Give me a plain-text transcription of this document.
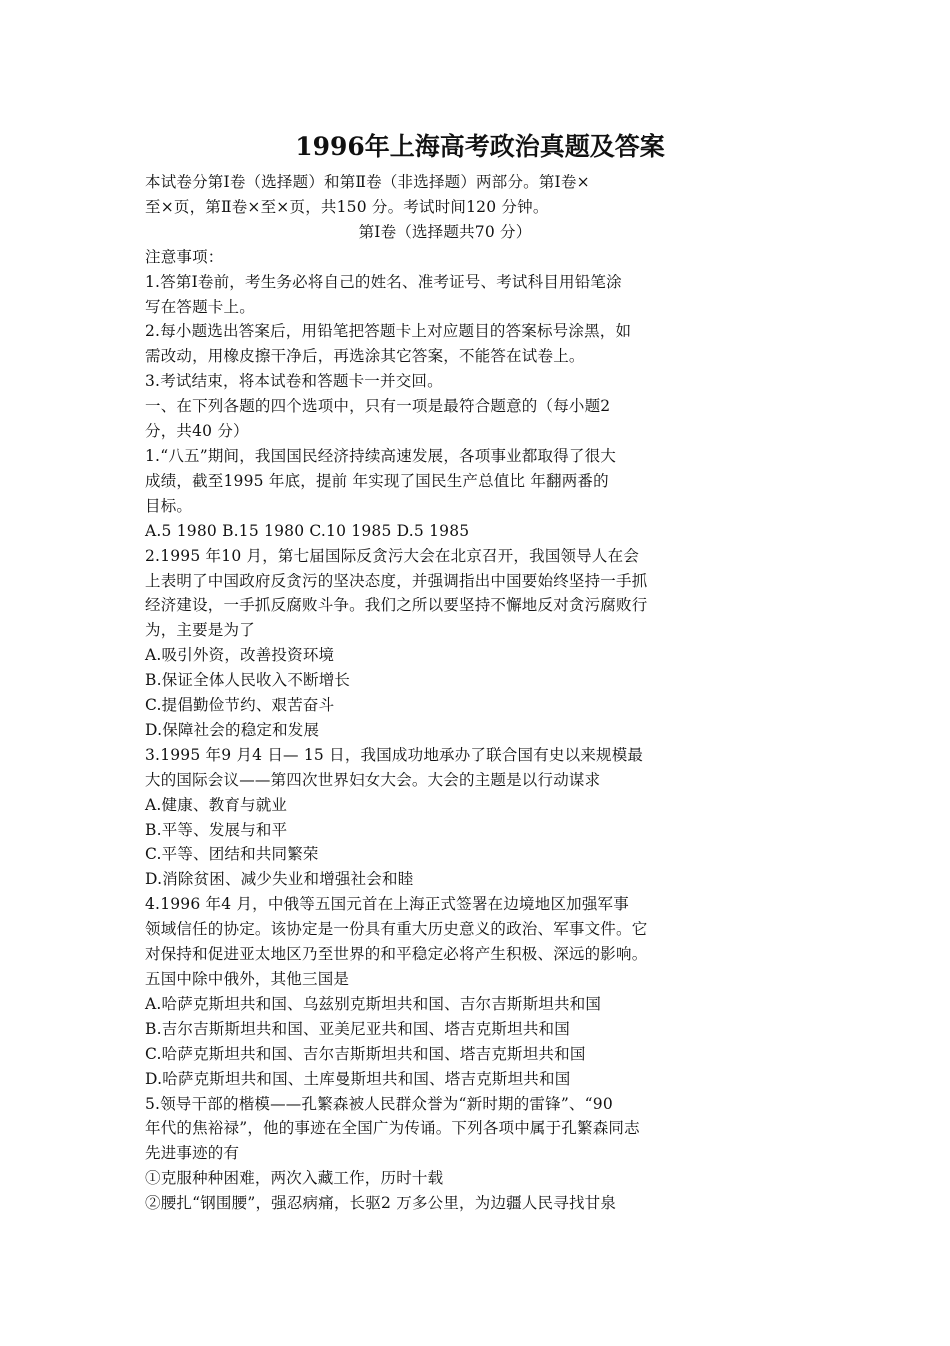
1996年上海高考政治真题及答案
本试卷分第Ⅰ卷（选择题）和第Ⅱ卷（非选择题）两部分。第Ⅰ卷×
至×页，第Ⅱ卷×至×页，共150 分。考试时间120 分钟。
第Ⅰ卷（选择题共70 分）
注意事项：
1.答第Ⅰ卷前，考生务必将自己的姓名、准考证号、考试科目用铅笔涂
写在答题卡上。
2.每小题选出答案后，用铅笔把答题卡上对应题目的答案标号涂黑，如
需改动，用橡皮擦干净后，再选涂其它答案，不能答在试卷上。
3.考试结束，将本试卷和答题卡一并交回。
一、在下列各题的四个选项中，只有一项是最符合题意的（每小题2
分，共40 分）
1.“八五”期间，我国国民经济持续高速发展，各项事业都取得了很大
成绩，截至1995 年底，提前 年实现了国民生产总值比 年翻两番的
目标。
A.5 1980 B.15 1980 C.10 1985 D.5 1985
2.1995 年10 月，第七届国际反贪污大会在北京召开，我国领导人在会
上表明了中国政府反贪污的坚决态度，并强调指出中国要始终坚持一手抓
经济建设，一手抓反腐败斗争。我们之所以要坚持不懈地反对贪污腐败行
为，主要是为了
A.吸引外资，改善投资环境
B.保证全体人民收入不断增长
C.提倡勤俭节约、艰苦奋斗
D.保障社会的稳定和发展
3.1995 年9 月4 日— 15 日，我国成功地承办了联合国有史以来规模最
大的国际会议——第四次世界妇女大会。大会的主题是以行动谋求
A.健康、教育与就业
B.平等、发展与和平
C.平等、团结和共同繁荣
D.消除贫困、减少失业和增强社会和睦
4.1996 年4 月，中俄等五国元首在上海正式签署在边境地区加强军事
领域信任的协定。该协定是一份具有重大历史意义的政治、军事文件。它
对保持和促进亚太地区乃至世界的和平稳定必将产生积极、深远的影响。
五国中除中俄外，其他三国是
A.哈萨克斯坦共和国、乌兹别克斯坦共和国、吉尔吉斯斯坦共和国
B.吉尔吉斯斯坦共和国、亚美尼亚共和国、塔吉克斯坦共和国
C.哈萨克斯坦共和国、吉尔吉斯斯坦共和国、塔吉克斯坦共和国
D.哈萨克斯坦共和国、土库曼斯坦共和国、塔吉克斯坦共和国
5.领导干部的楷模——孔繁森被人民群众誉为“新时期的雷锋”、“90
年代的焦裕禄”，他的事迹在全国广为传诵。下列各项中属于孔繁森同志
先进事迹的有
①克服种种困难，两次入藏工作，历时十载
②腰扎“钢围腰”，强忍病痛，长驱2 万多公里，为边疆人民寻找甘泉
